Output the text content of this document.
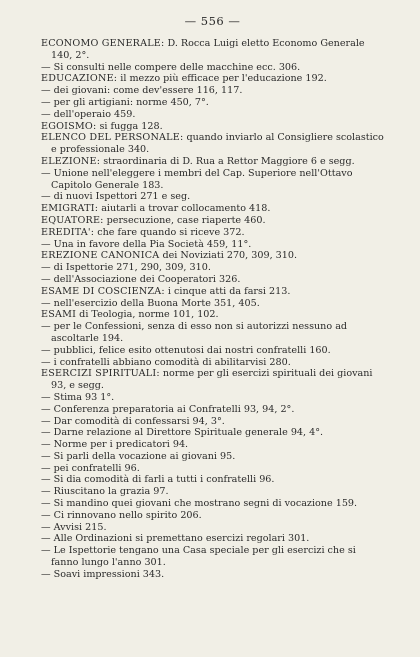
— 556 —
ECONOMO GENERALE: D. Rocca Luigi eletto Economo Generale 140, 2°.
— Si consulti nelle compere delle macchine ecc. 306.
EDUCAZIONE: il mezzo più efficace per l'educazione 192.
— dei giovani: come dev'essere 116, 117.
— per gli artigiani: norme 450, 7°.
— dell'operaio 459.
EGOISMO: si fugga 128.
ELENCO DEL PERSONALE: quando inviarlo al Consigliere scolastico e professionale 340.
ELEZIONE: straordinaria di D. Rua a Rettor Maggiore 6 e segg.
— Unione nell'eleggere i membri del Cap. Superiore nell'Ottavo Capitolo Generale 183.
— di nuovi Ispettori 271 e seg.
EMIGRATI: aiutarli a trovar collocamento 418.
EQUATORE: persecuzione, case riaperte 460.
EREDITA': che fare quando si riceve 372.
— Una in favore della Pia Società 459, 11°.
EREZIONE CANONICA dei Noviziati 270, 309, 310.
— di Ispettorie 271, 290, 309, 310.
— dell'Associazione dei Cooperatori 326.
ESAME DI COSCIENZA: i cinque atti da farsi 213.
— nell'esercizio della Buona Morte 351, 405.
ESAMI di Teologia, norme 101, 102.
— per le Confessioni, senza di esso non si autorizzi nessuno ad ascoltarle 194.
— pubblici, felice esito ottenutosi dai nostri confratelli 160.
— i confratelli abbiano comodità di abilitarvisi 280.
ESERCIZI SPIRITUALI: norme per gli esercizi spirituali dei giovani 93, e segg.
— Stima 93 1°.
— Conferenza preparatoria ai Confratelli 93, 94, 2°.
— Dar comodità di confessarsi 94, 3°.
— Darne relazione al Direttore Spirituale generale 94, 4°.
— Norme per i predicatori 94.
— Si parli della vocazione ai giovani 95.
— pei confratelli 96.
— Si dia comodità di farli a tutti i confratelli 96.
— Riuscitano la grazia 97.
— Si mandino quei giovani che mostrano segni di vocazione 159.
— Ci rinnovano nello spirito 206.
— Avvisi 215.
— Alle Ordinazioni si premettano esercizi regolari 301.
— Le Ispettorie tengano una Casa speciale per gli esercizi che si fanno lungo l'anno 301.
— Soavi impressioni 343.
